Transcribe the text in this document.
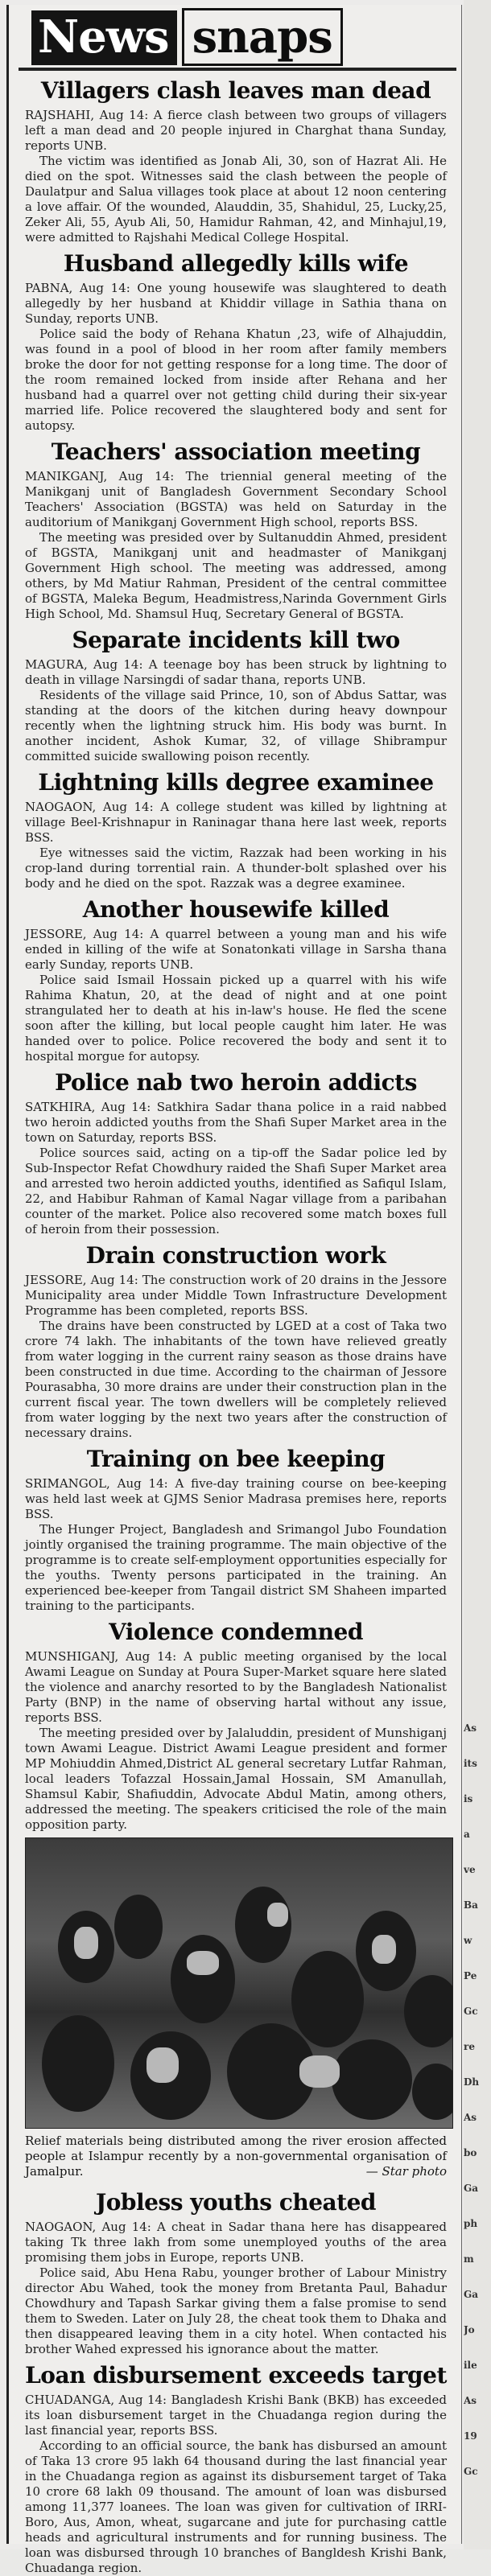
News snaps
Villagers clash leaves man dead

RAJSHAHI, Aug 14: A fierce clash between two groups of villagers left a man dead and 20 people injured in Charghat thana Sunday, reports UNB.

The victim was identified as Jonab Ali, 30, son of Hazrat Ali. He died on the spot. Witnesses said the clash between the people of Daulatpur and Salua villages took place at about 12 noon centering a love affair. Of the wounded, Alauddin, 35, Shahidul, 25, Lucky,25, Zeker Ali, 55, Ayub Ali, 50, Hamidur Rahman, 42, and Minhajul,19, were admitted to Rajshahi Medical College Hospital.

Husband allegedly kills wife

PABNA, Aug 14: One young housewife was slaughtered to death allegedly by her husband at Khiddir village in Sathia thana on Sunday, reports UNB.

Police said the body of Rehana Khatun ,23, wife of Alhajuddin, was found in a pool of blood in her room after family members broke the door for not getting response for a long time. The door of the room remained locked from inside after Rehana and her husband had a quarrel over not getting child during their six-year married life. Police recovered the slaughtered body and sent for autopsy.

Teachers' association meeting

MANIKGANJ, Aug 14: The triennial general meeting of the Manikganj unit of Bangladesh Government Secondary School Teachers' Association (BGSTA) was held on Saturday in the auditorium of Manikganj Government High school, reports BSS.

The meeting was presided over by Sultanuddin Ahmed, president of BGSTA, Manikganj unit and headmaster of Manikganj Government High school. The meeting was addressed, among others, by Md Matiur Rahman, President of the central committee of BGSTA, Maleka Begum, Headmistress,Narinda Government Girls High School, Md. Shamsul Huq, Secretary General of BGSTA.

Separate incidents kill two

MAGURA, Aug 14: A teenage boy has been struck by lightning to death in village Narsingdi of sadar thana, reports UNB.

Residents of the village said Prince, 10, son of Abdus Sattar, was standing at the doors of the kitchen during heavy downpour recently when the lightning struck him. His body was burnt. In another incident, Ashok Kumar, 32, of village Shibrampur committed suicide swallowing poison recently.

Lightning kills degree examinee

NAOGAON, Aug 14: A college student was killed by lightning at village Beel-Krishnapur in Raninagar thana here last week, reports BSS.

Eye witnesses said the victim, Razzak had been working in his crop-land during torrential rain. A thunder-bolt splashed over his body and he died on the spot. Razzak was a degree examinee.

Another housewife killed

JESSORE, Aug 14: A quarrel between a young man and his wife ended in killing of the wife at Sonatonkati village in Sarsha thana early Sunday, reports UNB.

Police said Ismail Hossain picked up a quarrel with his wife Rahima Khatun, 20, at the dead of night and at one point strangulated her to death at his in-law's house. He fled the scene soon after the killing, but local people caught him later. He was handed over to police. Police recovered the body and sent it to hospital morgue for autopsy.

Police nab two heroin addicts

SATKHIRA, Aug 14: Satkhira Sadar thana police in a raid nabbed two heroin addicted youths from the Shafi Super Market area in the town on Saturday, reports BSS.

Police sources said, acting on a tip-off the Sadar police led by Sub-Inspector Refat Chowdhury raided the Shafi Super Market area and arrested two heroin addicted youths, identified as Safiqul Islam, 22, and Habibur Rahman of Kamal Nagar village from a paribahan counter of the market. Police also recovered some match boxes full of heroin from their possession.

Drain construction work

JESSORE, Aug 14: The construction work of 20 drains in the Jessore Municipality area under Middle Town Infrastructure Development Programme has been completed, reports BSS.

The drains have been constructed by LGED at a cost of Taka two crore 74 lakh. The inhabitants of the town have relieved greatly from water logging in the current rainy season as those drains have been constructed in due time. According to the chairman of Jessore Pourasabha, 30 more drains are under their construction plan in the current fiscal year. The town dwellers will be completely relieved from water logging by the next two years after the construction of necessary drains.

Training on bee keeping

SRIMANGOL, Aug 14: A five-day training course on bee-keeping was held last week at GJMS Senior Madrasa premises here, reports BSS.

The Hunger Project, Bangladesh and Srimangol Jubo Foundation jointly organised the training programme. The main objective of the programme is to create self-employment opportunities especially for the youths. Twenty persons participated in the training. An experienced bee-keeper from Tangail district SM Shaheen imparted training to the participants.

Violence condemned

MUNSHIGANJ, Aug 14: A public meeting organised by the local Awami League on Sunday at Poura Super-Market square here slated the violence and anarchy resorted to by the Bangladesh Nationalist Party (BNP) in the name of observing hartal without any issue, reports BSS.

The meeting presided over by Jalaluddin, president of Munshiganj town Awami League. District Awami League president and former MP Mohiuddin Ahmed,District AL general secretary Lutfar Rahman, local leaders Tofazzal Hossain,Jamal Hossain, SM Amanullah, Shamsul Kabir, Shafiuddin, Advocate Abdul Matin, among others, addressed the meeting. The speakers criticised the role of the main opposition party.

Relief materials being distributed among the river erosion affected people at Islampur recently by a non-governmental organisation of Jamalpur.	— Star photo

Jobless youths cheated

NAOGAON, Aug 14: A cheat in Sadar thana here has disappeared taking Tk three lakh from some unemployed youths of the area promising them jobs in Europe, reports UNB.

Police said, Abu Hena Rabu, younger brother of Labour Ministry director Abu Wahed, took the money from Bretanta Paul, Bahadur Chowdhury and Tapash Sarkar giving them a false promise to send them to Sweden. Later on July 28, the cheat took them to Dhaka and then disappeared leaving them in a city hotel. When contacted his brother Wahed expressed his ignorance about the matter.

Loan disbursement exceeds target

CHUADANGA, Aug 14: Bangladesh Krishi Bank (BKB) has exceeded its loan disbursement target in the Chuadanga region during the last financial year, reports BSS.

According to an official source, the bank has disbursed an amount of Taka 13 crore 95 lakh 64 thousand during the last financial year in the Chuadanga region as against its disbursement target of Taka 10 crore 68 lakh 09 thousand. The amount of loan was disbursed among 11,377 loanees. The loan was given for cultivation of IRRI-Boro, Aus, Amon, wheat, sugarcane and jute for purchasing cattle heads and agricultural instruments and for running business. The loan was disbursed through 10 branches of Bangldesh Krishi Bank, Chuadanga region.

As
its
is
a
ve
Ba
w
Pe
Gc
re
Dh
As
bo
Ga
ph
m
Ga
Jo
ile
As
19
Gc
